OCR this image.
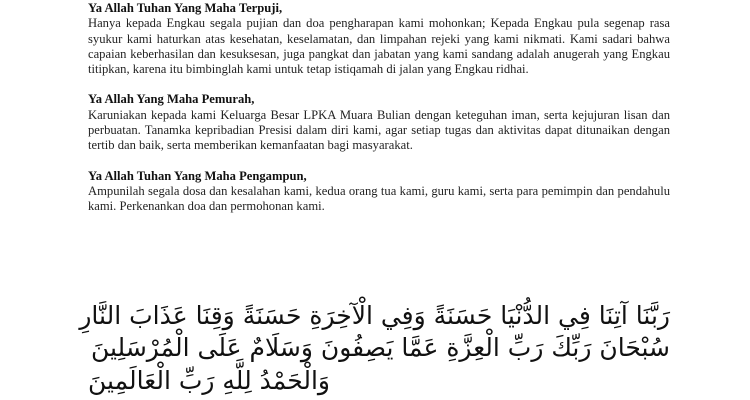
Ya Allah Tuhan Yang Maha Terpuji,

Hanya kepada Engkau segala pujian dan doa pengharapan kami mohonkan; Kepada Engkau pula segenap rasa syukur kami haturkan atas kesehatan, keselamatan, dan limpahan rejeki yang kami nikmati. Kami sadari bahwa capaian keberhasilan dan kesuksesan, juga pangkat dan jabatan yang kami sandang adalah anugerah yang Engkau titipkan, karena itu bimbinglah kami untuk tetap istiqamah di jalan yang Engkau ridhai.

Ya Allah Yang Maha Pemurah,

Karuniakan kepada kami Keluarga Besar LPKA Muara Bulian dengan keteguhan iman, serta kejujuran lisan dan perbuatan. Tanamka kepribadian Presisi dalam diri kami, agar setiap tugas dan aktivitas dapat ditunaikan dengan tertib dan baik, serta memberikan kemanfaatan bagi masyarakat.

Ya Allah Tuhan Yang Maha Pengampun,

Ampunilah segala dosa dan kesalahan kami, kedua orang tua kami, guru kami, serta para pemimpin dan pendahulu kami. Perkenankan doa dan permohonan kami.

رَبَّنَا آتِنَا فِي الدُّنْيَا حَسَنَةً وَفِي الْآخِرَةِ حَسَنَةً وَقِنَا عَذَابَ النَّارِ
سُبْحَانَ رَبِّكَ رَبِّ الْعِزَّةِ عَمَّا يَصِفُونَ وَسَلَامٌ عَلَى الْمُرْسَلِينَ
وَالْحَمْدُ لِلَّهِ رَبِّ الْعَالَمِينَ
